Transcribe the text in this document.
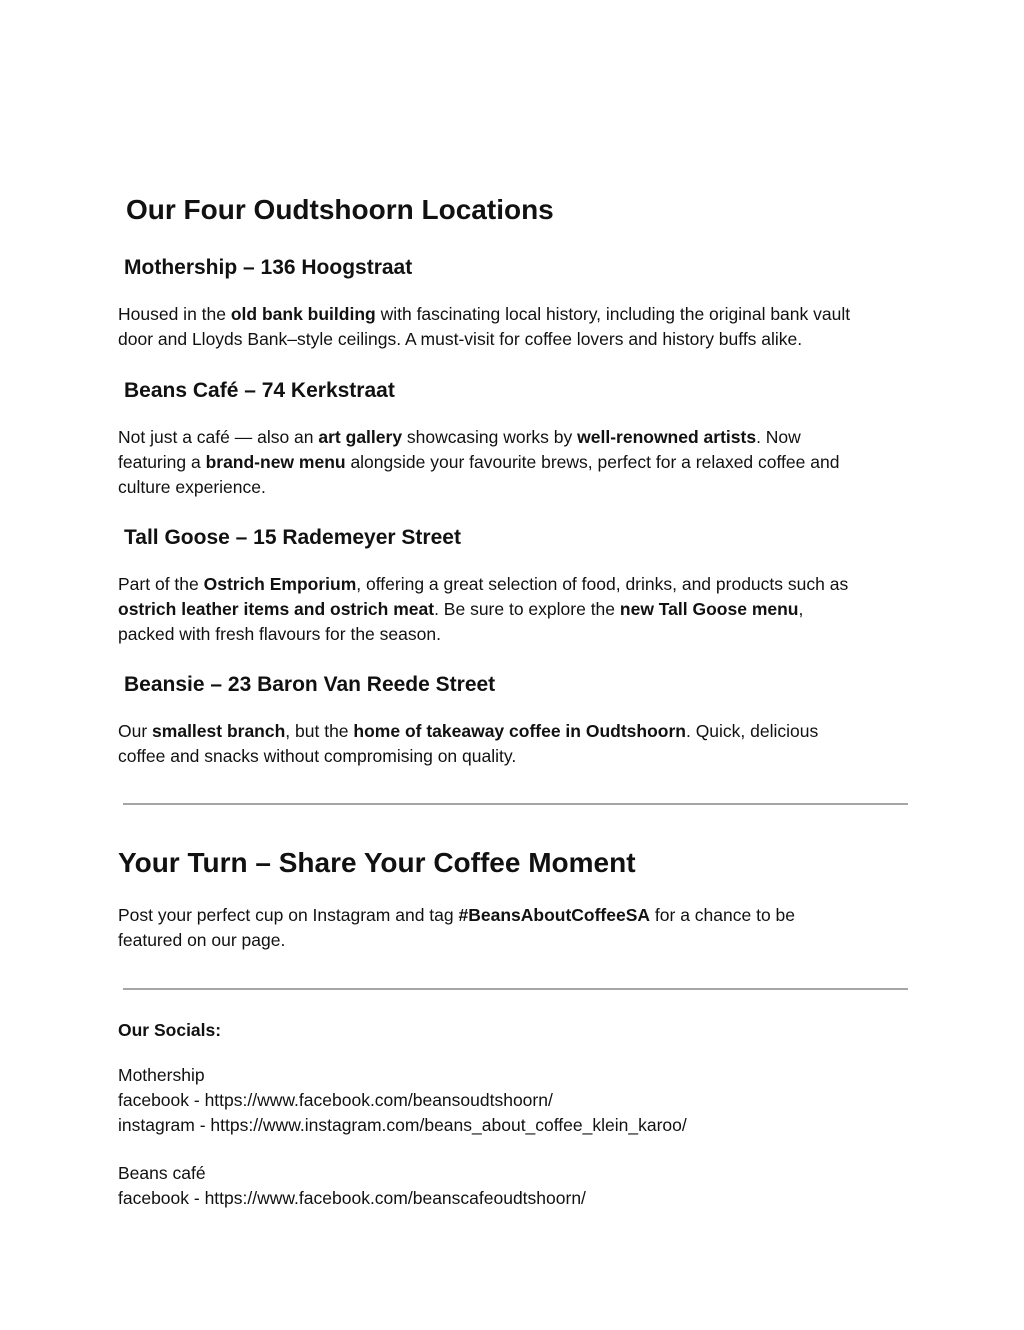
Our Four Oudtshoorn Locations
Mothership – 136 Hoogstraat

Housed in the old bank building with fascinating local history, including the original bank vault
door and Lloyds Bank–style ceilings. A must-visit for coffee lovers and history buffs alike.

Beans Café – 74 Kerkstraat

Not just a café — also an art gallery showcasing works by well-renowned artists. Now
featuring a brand-new menu alongside your favourite brews, perfect for a relaxed coffee and
culture experience.

Tall Goose – 15 Rademeyer Street

Part of the Ostrich Emporium, offering a great selection of food, drinks, and products such as
ostrich leather items and ostrich meat. Be sure to explore the new Tall Goose menu,
packed with fresh flavours for the season.

Beansie – 23 Baron Van Reede Street

Our smallest branch, but the home of takeaway coffee in Oudtshoorn. Quick, delicious
coffee and snacks without compromising on quality.

Your Turn – Share Your Coffee Moment

Post your perfect cup on Instagram and tag #BeansAboutCoffeeSA for a chance to be
featured on our page.

Our Socials:

Mothership
facebook - https://www.facebook.com/beansoudtshoorn/
instagram - https://www.instagram.com/beans_about_coffee_klein_karoo/
Beans café
facebook - https://www.facebook.com/beanscafeoudtshoorn/
